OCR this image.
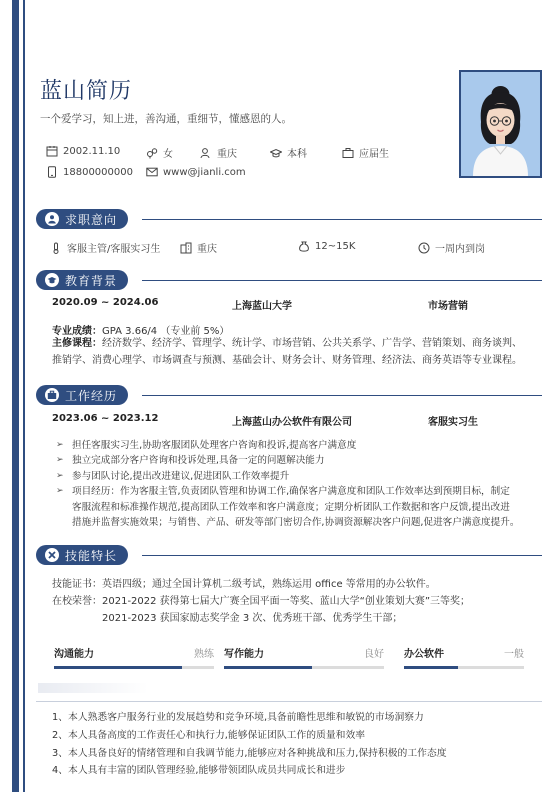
蓝山简历
一个爱学习，知上进，善沟通，重细节，懂感恩的人。
2002.11.10	女	重庆	本科	应届生
18800000000	www@jianli.com
求职意向
客服主管/客服实习生	重庆	12~15K	一周内到岗
教育背景
2020.09 ~ 2024.06	上海蓝山大学	市场营销
专业成绩：GPA 3.66/4 （专业前 5%）
主修课程：经济数学、经济学、管理学、统计学、市场营销、公共关系学、广告学、营销策划、商务谈判、
推销学、消费心理学、市场调查与预测、基础会计、财务会计、财务管理、经济法、商务英语等专业课程。
工作经历
2023.06 ~ 2023.12	上海蓝山办公软件有限公司	客服实习生
➢ 担任客服实习生,协助客服团队处理客户咨询和投诉,提高客户满意度
➢ 独立完成部分客户咨询和投诉处理,具备一定的问题解决能力
➢ 参与团队讨论,提出改进建议,促进团队工作效率提升
➢ 项目经历：作为客服主管,负责团队管理和协调工作,确保客户满意度和团队工作效率达到预期目标，制定
客服流程和标准操作规范,提高团队工作效率和客户满意度；定期分析团队工作数据和客户反馈,提出改进
措施并监督实施效果；与销售、产品、研发等部门密切合作,协调资源解决客户问题,促进客户满意度提升。
技能特长
技能证书：英语四级；通过全国计算机二级考试，熟练运用 office 等常用的办公软件。
在校荣誉：2021-2022 获得第七届大广赛全国平面一等奖、蓝山大学“创业策划大赛”三等奖；
2021-2023 获国家励志奖学金 3 次、优秀班干部、优秀学生干部；
沟通能力	熟练 写作能力	良好 办公软件	一般
1、本人熟悉客户服务行业的发展趋势和竞争环境,具备前瞻性思维和敏锐的市场洞察力
2、本人具备高度的工作责任心和执行力,能够保证团队工作的质量和效率
3、本人具备良好的情绪管理和自我调节能力,能够应对各种挑战和压力,保持积极的工作态度
4、本人具有丰富的团队管理经验,能够带领团队成员共同成长和进步
